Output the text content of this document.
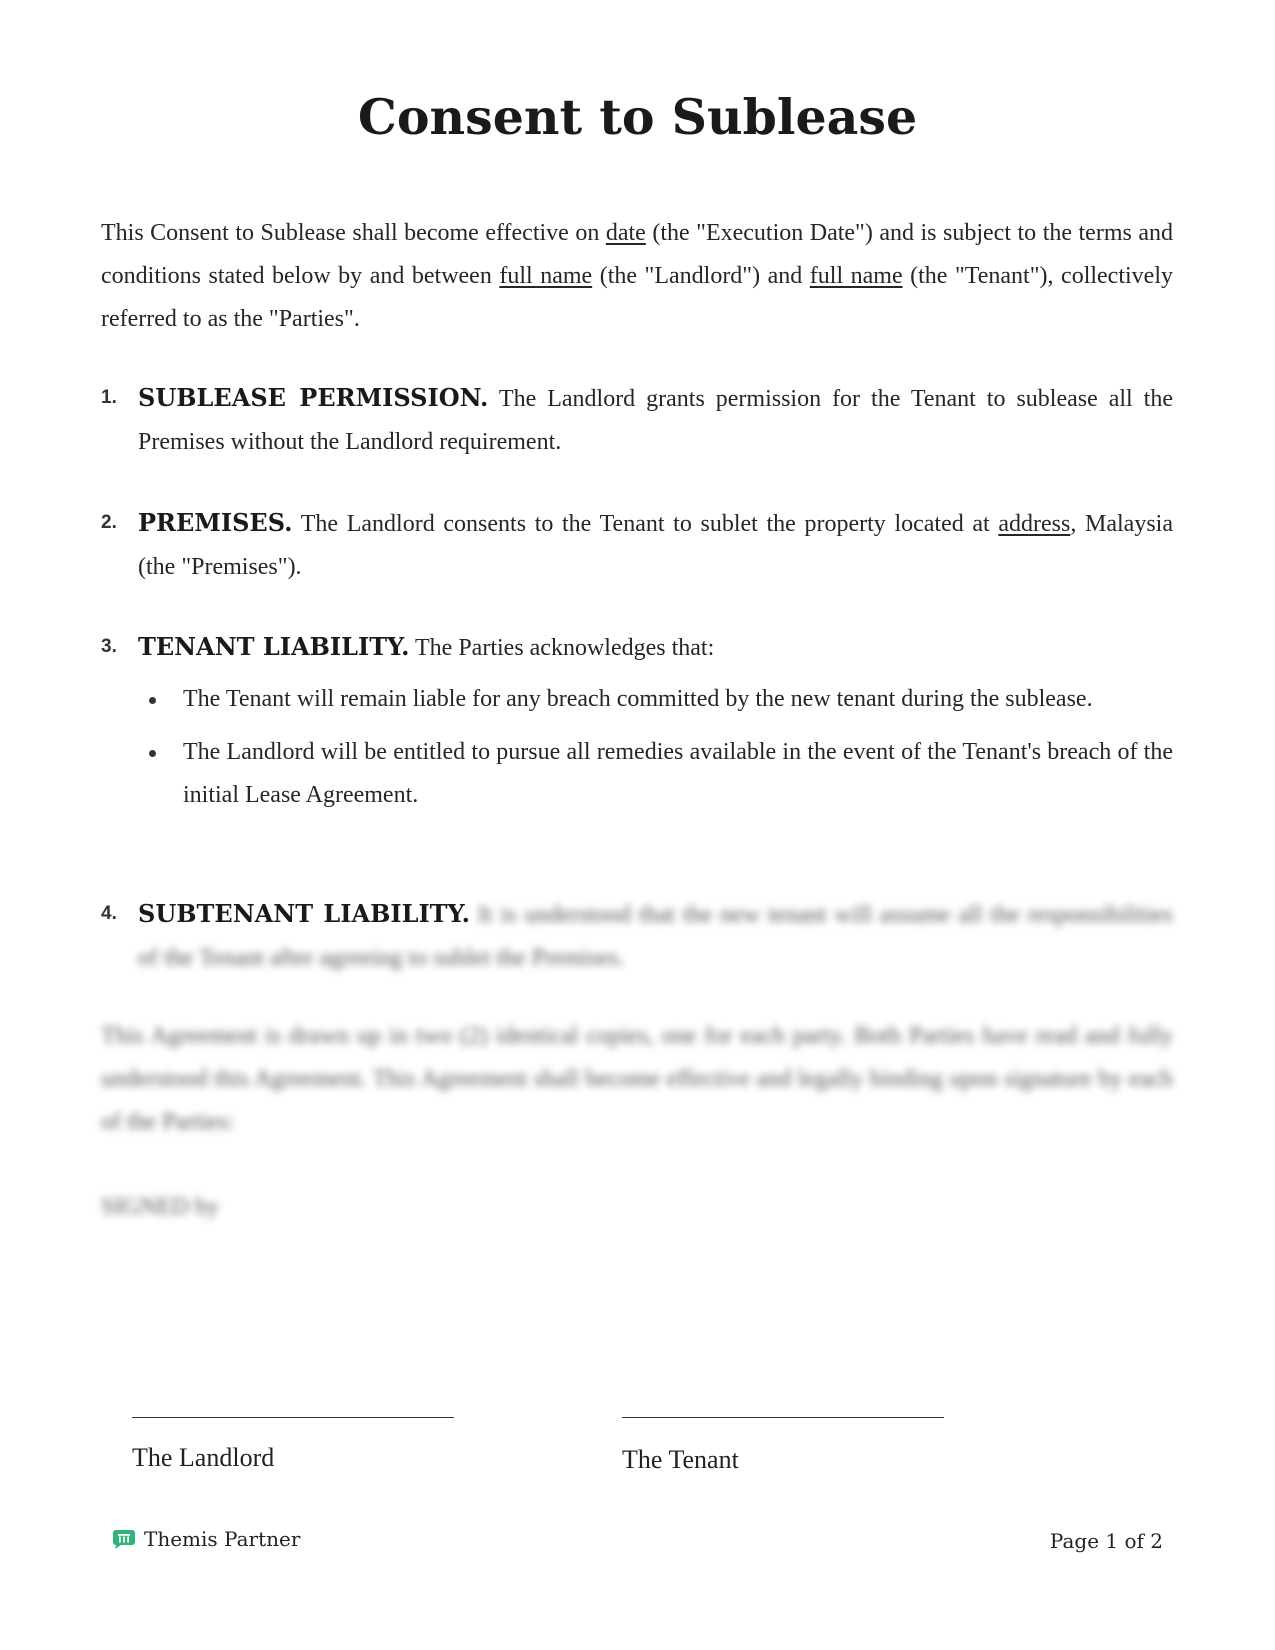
Consent to Sublease
This Consent to Sublease shall become effective on date (the "Execution Date") and is subject to the terms and conditions stated below by and between full name (the "Landlord") and full name (the "Tenant"), collectively referred to as the "Parties".
1. SUBLEASE PERMISSION. The Landlord grants permission for the Tenant to sublease all the Premises without the Landlord requirement.
2. PREMISES. The Landlord consents to the Tenant to sublet the property located at address, Malaysia (the "Premises").
3. TENANT LIABILITY. The Parties acknowledges that:
The Tenant will remain liable for any breach committed by the new tenant during the sublease.
The Landlord will be entitled to pursue all remedies available in the event of the Tenant's breach of the initial Lease Agreement.
4. SUBTENANT LIABILITY. It is understood that the new tenant will assume all the responsibilities of the Tenant after agreeing to sublet the Premises.
This Agreement is drawn up in two (2) identical copies, one for each party. Both Parties have read and fully understood this Agreement. This Agreement shall become effective and legally binding upon signature by each of the Parties:
SIGNED by
The Landlord	The Tenant
Themis Partner	Page 1 of 2
